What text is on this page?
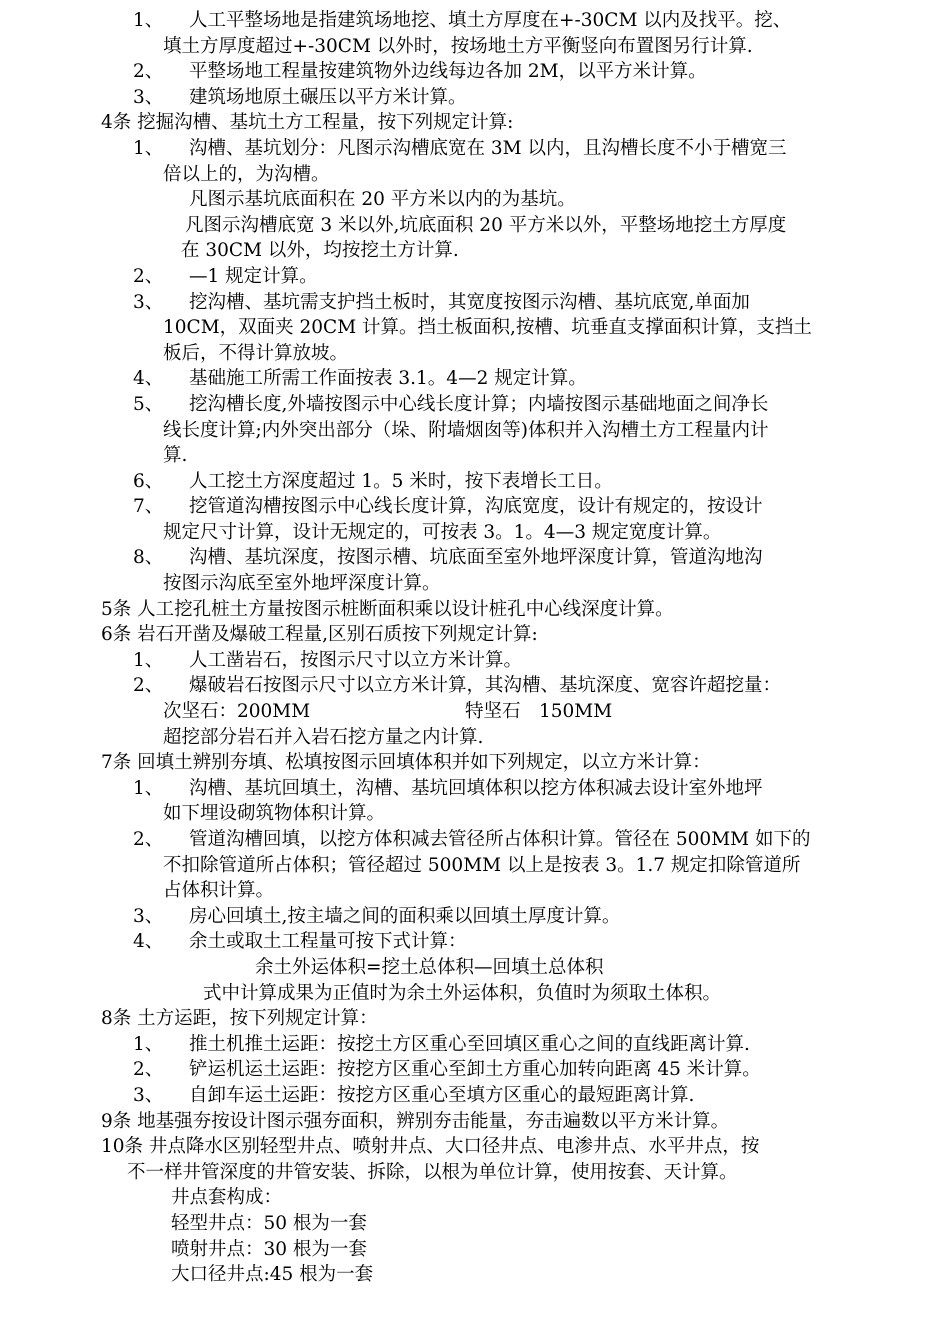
1、 人工平整场地是指建筑场地挖、填土方厚度在+-30CM 以内及找平。挖、
填土方厚度超过+-30CM 以外时，按场地土方平衡竖向布置图另行计算.
2、 平整场地工程量按建筑物外边线每边各加 2M，以平方米计算。
3、 建筑场地原土碾压以平方米计算。
4条 挖掘沟槽、基坑土方工程量，按下列规定计算:
1、 沟槽、基坑划分：凡图示沟槽底宽在 3M 以内，且沟槽长度不小于槽宽三
倍以上的，为沟槽。
凡图示基坑底面积在 20 平方米以内的为基坑。
凡图示沟槽底宽 3 米以外,坑底面积 20 平方米以外，平整场地挖土方厚度
在 30CM 以外，均按挖土方计算.
2、 —1 规定计算。
3、 挖沟槽、基坑需支护挡土板时，其宽度按图示沟槽、基坑底宽,单面加
10CM，双面夹 20CM 计算。挡土板面积,按槽、坑垂直支撑面积计算，支挡土
板后，不得计算放坡。
4、 基础施工所需工作面按表 3.1。4—2 规定计算。
5、 挖沟槽长度,外墙按图示中心线长度计算；内墙按图示基础地面之间净长
线长度计算;内外突出部分（垛、附墙烟囱等)体积并入沟槽土方工程量内计
算.
6、 人工挖土方深度超过 1。5 米时，按下表增长工日。
7、 挖管道沟槽按图示中心线长度计算，沟底宽度，设计有规定的，按设计
规定尺寸计算，设计无规定的，可按表 3。1。4—3 规定宽度计算。
8、 沟槽、基坑深度，按图示槽、坑底面至室外地坪深度计算，管道沟地沟
按图示沟底至室外地坪深度计算。
5条 人工挖孔桩土方量按图示桩断面积乘以设计桩孔中心线深度计算。
6条 岩石开凿及爆破工程量,区别石质按下列规定计算:
1、 人工凿岩石，按图示尺寸以立方米计算。
2、 爆破岩石按图示尺寸以立方米计算，其沟槽、基坑深度、宽容许超挖量：
次坚石：200MM	特坚石　150MM
超挖部分岩石并入岩石挖方量之内计算.
7条 回填土辨别夯填、松填按图示回填体积并如下列规定，以立方米计算：
1、 沟槽、基坑回填土，沟槽、基坑回填体积以挖方体积减去设计室外地坪
如下埋设砌筑物体积计算。
2、 管道沟槽回填，以挖方体积减去管径所占体积计算。管径在 500MM 如下的
不扣除管道所占体积；管径超过 500MM 以上是按表 3。1.7 规定扣除管道所
占体积计算。
3、 房心回填土,按主墙之间的面积乘以回填土厚度计算。
4、 余土或取土工程量可按下式计算：
余土外运体积=挖土总体积—回填土总体积
式中计算成果为正值时为余土外运体积，负值时为须取土体积。
8条 土方运距，按下列规定计算：
1、 推土机推土运距：按挖土方区重心至回填区重心之间的直线距离计算.
2、 铲运机运土运距：按挖方区重心至卸土方重心加转向距离 45 米计算。
3、 自卸车运土运距：按挖方区重心至填方区重心的最短距离计算.
9条 地基强夯按设计图示强夯面积，辨别夯击能量，夯击遍数以平方米计算。
10条 井点降水区别轻型井点、喷射井点、大口径井点、电渗井点、水平井点，按
不一样井管深度的井管安装、拆除，以根为单位计算，使用按套、天计算。
井点套构成：
轻型井点：50 根为一套
喷射井点：30 根为一套
大口径井点:45 根为一套
